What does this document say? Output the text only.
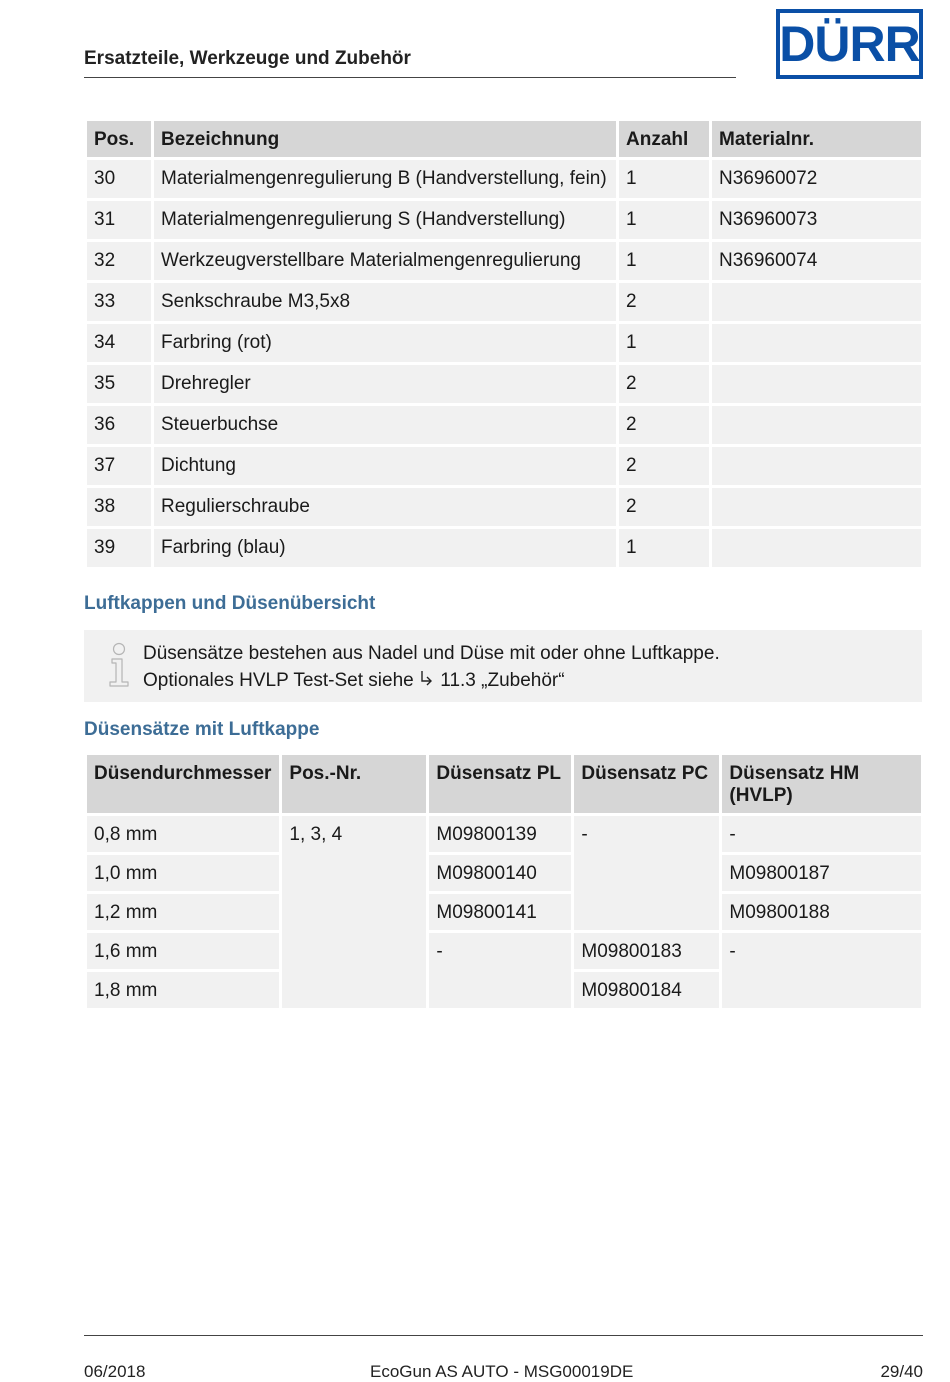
Ersatzteile, Werkzeuge und Zubehör	DÜRR
Pos.	Bezeichnung	Anzahl	Materialnr.
30	Materialmengenregulierung B (Handverstellung, fein)	1	N36960072
31	Materialmengenregulierung S (Handverstellung)	1	N36960073
32	Werkzeugverstellbare Materialmengenregulierung	1	N36960074
33	Senkschraube M3,5x8	2	
34	Farbring (rot)	1	
35	Drehregler	2	
36	Steuerbuchse	2	
37	Dichtung	2	
38	Regulierschraube	2	
39	Farbring (blau)	1	
Luftkappen und Düsenübersicht
Düsensätze bestehen aus Nadel und Düse mit oder ohne Luftkappe.
Optionales HVLP Test-Set siehe 11.3 „Zubehör“
Düsensätze mit Luftkappe
Düsendurchmesser	Pos.-Nr.	Düsensatz PL	Düsensatz PC	Düsensatz HM (HVLP)
0,8 mm	1, 3, 4	M09800139	-	-
1,0 mm		M09800140		M09800187
1,2 mm		M09800141		M09800188
1,6 mm		-	M09800183	-
1,8 mm			M09800184	
06/2018	EcoGun AS AUTO - MSG00019DE	29/40
